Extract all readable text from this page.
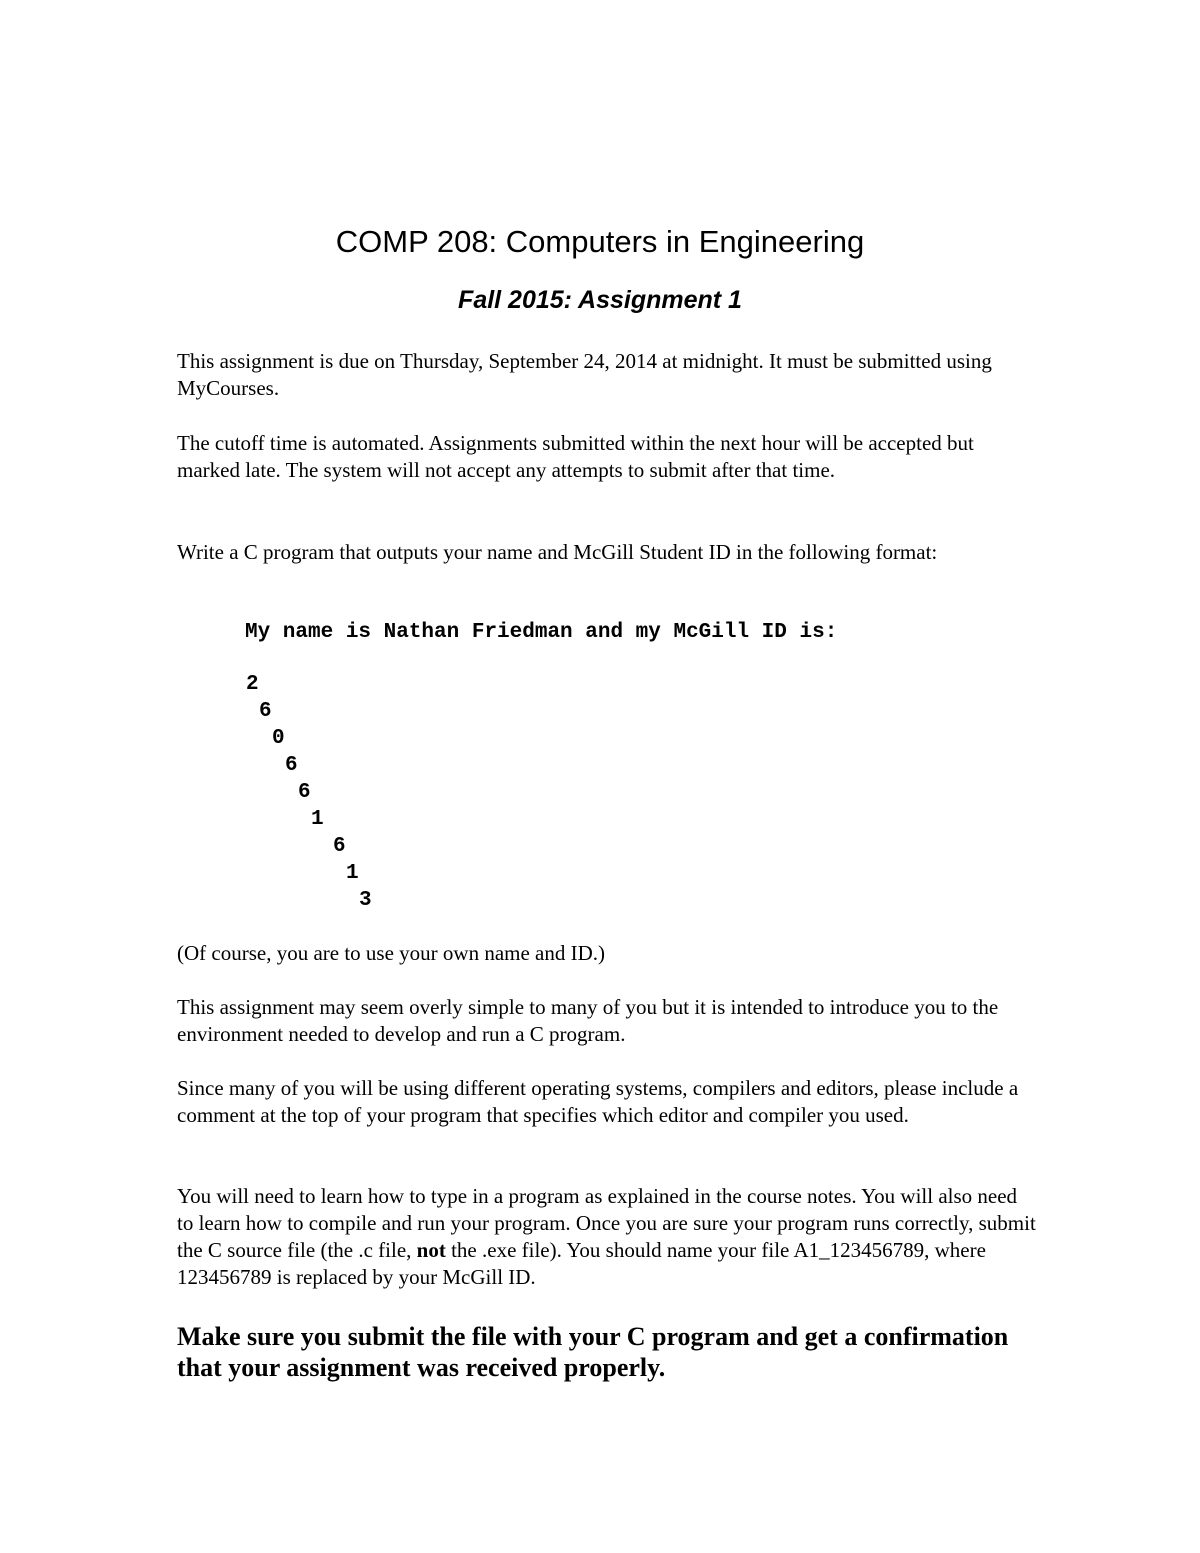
COMP 208: Computers in Engineering
Fall 2015: Assignment 1

This assignment is due on Thursday, September 24, 2014 at midnight. It must be submitted using MyCourses.

The cutoff time is automated. Assignments submitted within the next hour will be accepted but marked late. The system will not accept any attempts to submit after that time.

Write a C program that outputs your name and McGill Student ID in the following format:

My name is Nathan Friedman and my McGill ID is:
2
6
0
6
6
1
6
1
3

(Of course, you are to use your own name and ID.)

This assignment may seem overly simple to many of you but it is intended to introduce you to the environment needed to develop and run a C program.

Since many of you will be using different operating systems, compilers and editors, please include a comment at the top of your program that specifies which editor and compiler you used.

You will need to learn how to type in a program as explained in the course notes. You will also need to learn how to compile and run your program. Once you are sure your program runs correctly, submit the C source file (the .c file, not the .exe file). You should name your file A1_123456789, where 123456789 is replaced by your McGill ID.

Make sure you submit the file with your C program and get a confirmation that your assignment was received properly.
